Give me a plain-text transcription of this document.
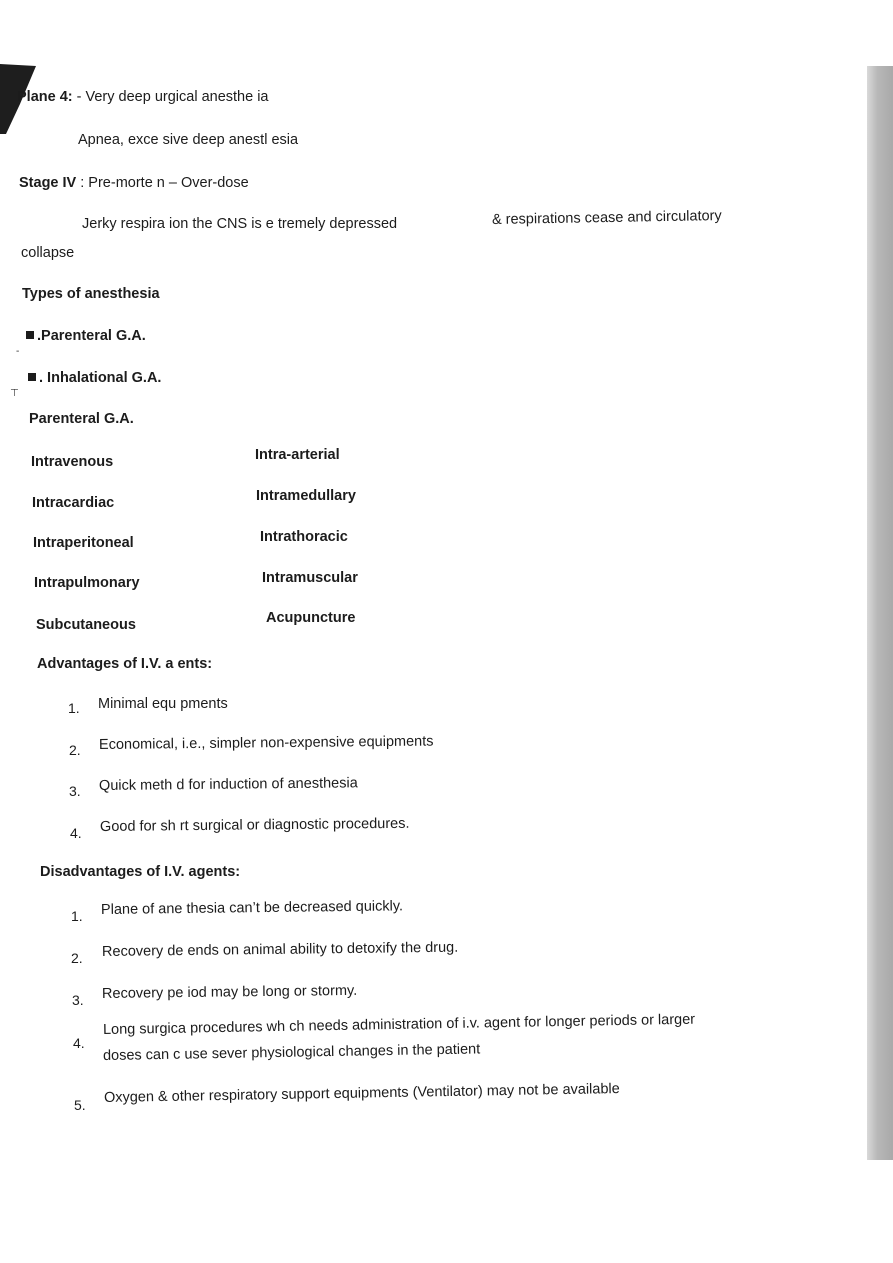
Plane 4: - Very deep urgical anesthe ia
Apnea, exce sive deep anestl esia
Stage IV : Pre-morte n – Over-dose
Jerky respira ion the CNS is e tremely depressed	& respirations cease and circulatory
collapse
Types of anesthesia
.Parenteral G.A.
-
. Inhalational G.A.
⊤
Parenteral G.A.
Intravenous	Intra-arterial
Intracardiac	Intramedullary
Intraperitoneal	Intrathoracic
Intrapulmonary	Intramuscular
Subcutaneous	Acupuncture
Advantages of I.V. a ents:
1. Minimal equ pments
2. Economical, i.e., simpler non-expensive equipments
3. Quick meth d for induction of anesthesia
4. Good for sh rt surgical or diagnostic procedures.
Disadvantages of I.V. agents:
1. Plane of ane thesia can’t be decreased quickly.
2. Recovery de ends on animal ability to detoxify the drug.
3. Recovery pe iod may be long or stormy.
4.
Long surgica procedures wh ch needs administration of i.v. agent for longer periods or larger
doses can c use sever physiological changes in the patient
5. Oxygen & other respiratory support equipments (Ventilator) may not be available
